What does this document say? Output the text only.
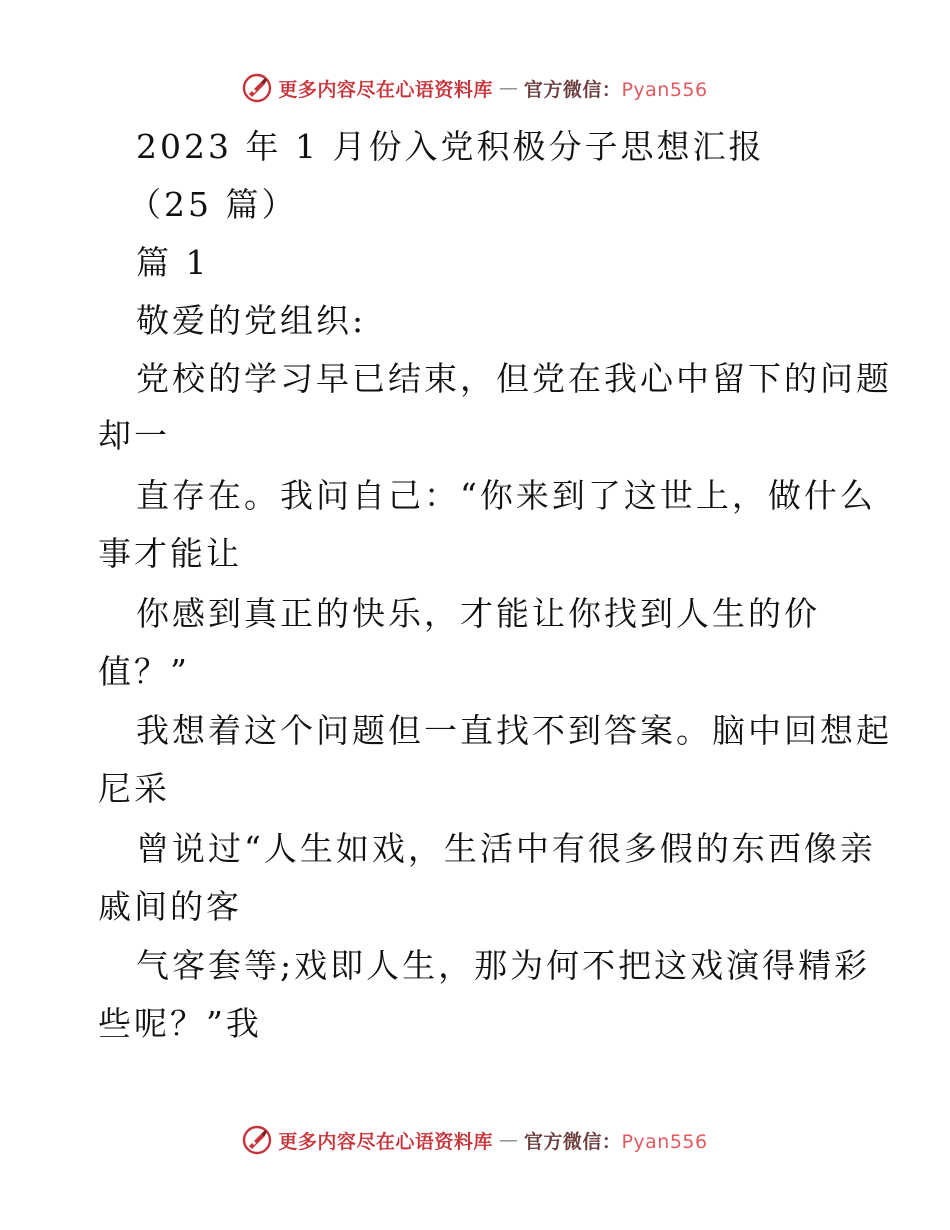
更多内容尽在心语资料库 — 官方微信：Pyan556
2023 年 1 月份入党积极分子思想汇报
（25 篇）
篇 1
敬爱的党组织:
党校的学习早已结束，但党在我心中留下的问题
却一
直存在。我问自己：“你来到了这世上，做什么
事才能让
你感到真正的快乐，才能让你找到人生的价
值？”
我想着这个问题但一直找不到答案。脑中回想起
尼采
曾说过“人生如戏，生活中有很多假的东西像亲
戚间的客
气客套等;戏即人生，那为何不把这戏演得精彩
些呢？”我
更多内容尽在心语资料库 — 官方微信：Pyan556
